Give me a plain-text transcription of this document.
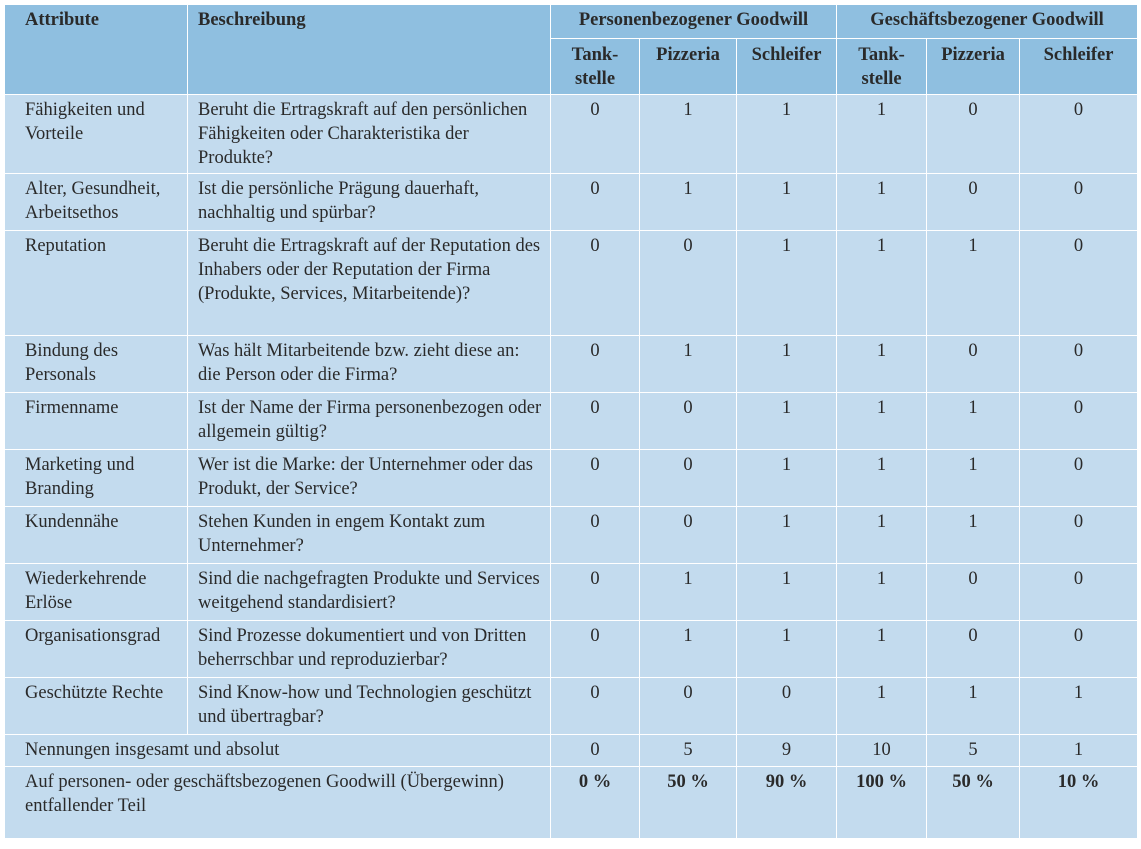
Attribute	Beschreibung	Personenbezogener Goodwill			Geschäftsbezogener Goodwill		
		Tankstelle	Pizzeria	Schleifer	Tankstelle	Pizzeria	Schleifer
Fähigkeiten und Vorteile	Beruht die Ertragskraft auf den persönlichen Fähigkeiten oder Charakteristika der Produkte?	0	1	1	1	0	0
Alter, Gesundheit, Arbeitsethos	Ist die persönliche Prägung dauerhaft, nachhaltig und spürbar?	0	1	1	1	0	0
Reputation	Beruht die Ertragskraft auf der Reputation des Inhabers oder der Reputation der Firma (Produkte, Services, Mitarbeitende)?	0	0	1	1	1	0
Bindung des Personals	Was hält Mitarbeitende bzw. zieht diese an: die Person oder die Firma?	0	1	1	1	0	0
Firmenname	Ist der Name der Firma personenbezogen oder allgemein gültig?	0	0	1	1	1	0
Marketing und Branding	Wer ist die Marke: der Unternehmer oder das Produkt, der Service?	0	0	1	1	1	0
Kundennähe	Stehen Kunden in engem Kontakt zum Unternehmer?	0	0	1	1	1	0
Wiederkehrende Erlöse	Sind die nachgefragten Produkte und Services weitgehend standardisiert?	0	1	1	1	0	0
Organisationsgrad	Sind Prozesse dokumentiert und von Dritten beherrschbar und reproduzierbar?	0	1	1	1	0	0
Geschützte Rechte	Sind Know-how und Technologien geschützt und übertragbar?	0	0	0	1	1	1
Nennungen insgesamt und absolut		0	5	9	10	5	1
Auf personen- oder geschäftsbezogenen Goodwill (Übergewinn) entfallender Teil		0 %	50 %	90 %	100 %	50 %	10 %
